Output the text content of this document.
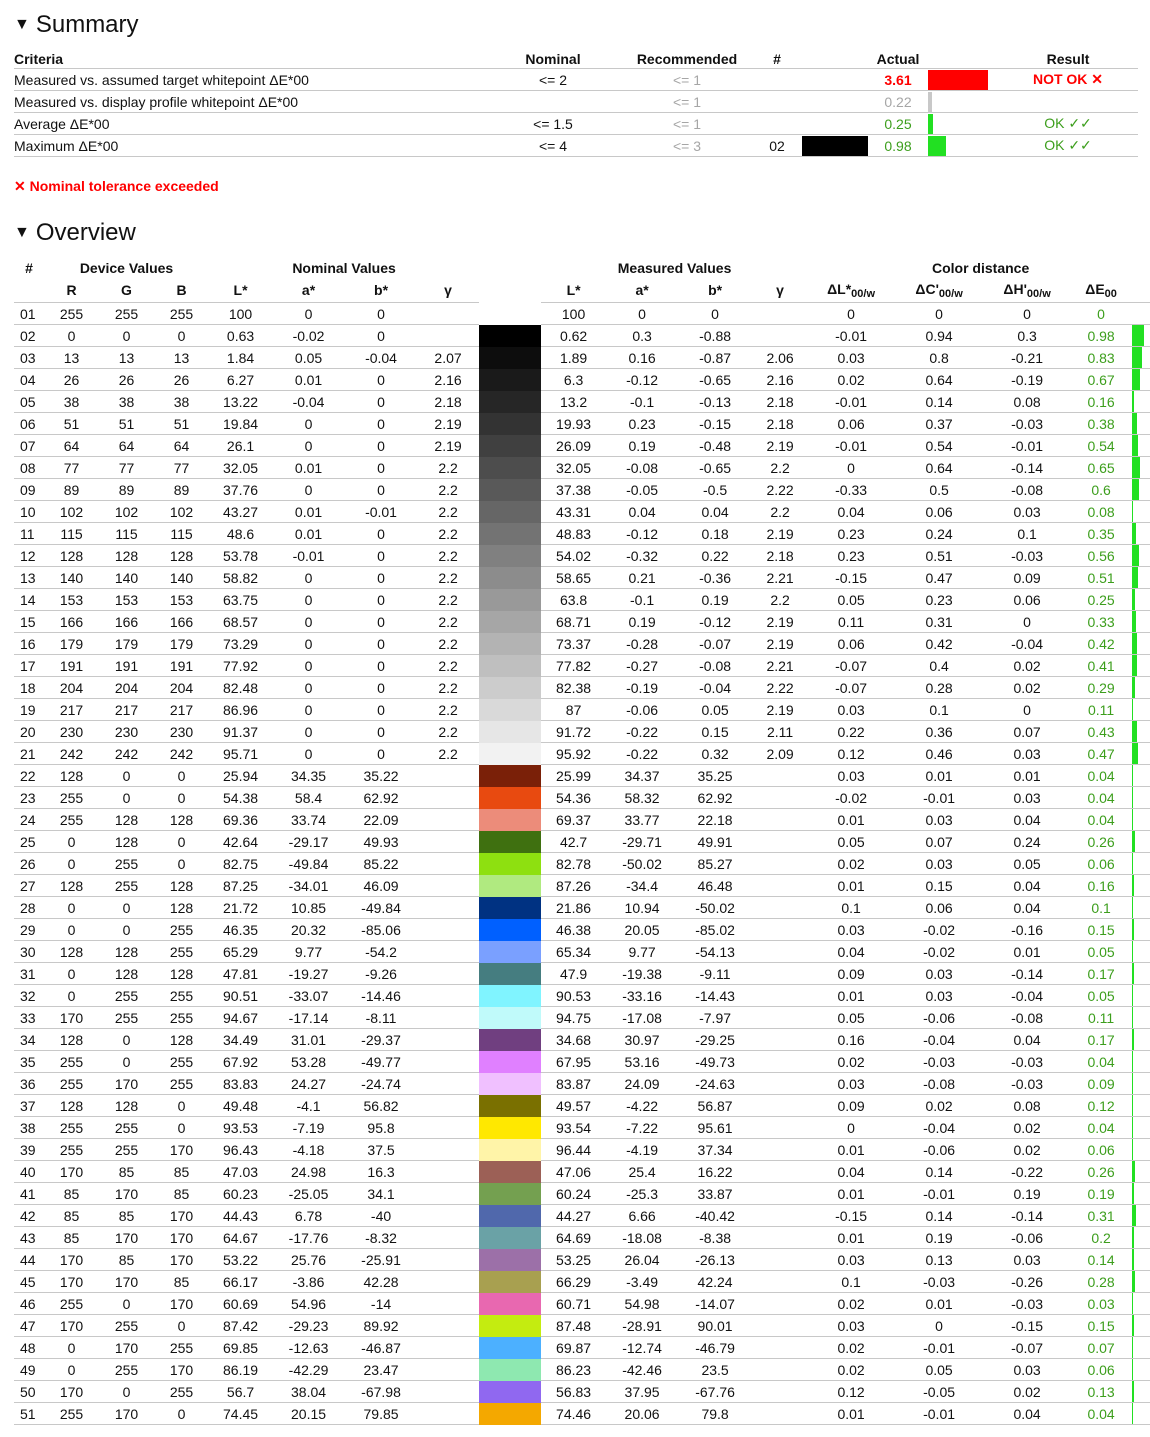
▼ Summary
Criteria	Nominal	Recommended	#		Actual		Result
Measured vs. assumed target whitepoint ΔE*00	<= 2	<= 1			3.61		NOT OK ✕
Measured vs. display profile whitepoint ΔE*00		<= 1			0.22	

Average ΔE*00	<= 1.5	<= 1			0.25		OK ✓✓
Maximum ΔE*00	<= 4	<= 3	02		0.98		OK ✓✓
✕ Nominal tolerance exceeded
▼ Overview
#	Device Values			Nominal Values					Measured Values				Color distance				
	R	G	B	L*	a*	b*	γ		L*	a*	b*	γ	$\Delta L*_{00/w}$	$\Delta C'_{00/w}$	$\Delta H'_{00/w}$	$\Delta E_{00}$	
01	255	255	255	100	0	0			100	0	0		0	0	0	0	

02	0	0	0	0.63	-0.02	0			0.62	0.3	-0.88		-0.01	0.94	0.3	0.98	

03	13	13	13	1.84	0.05	-0.04	2.07		1.89	0.16	-0.87	2.06	0.03	0.8	-0.21	0.83	

04	26	26	26	6.27	0.01	0	2.16		6.3	-0.12	-0.65	2.16	0.02	0.64	-0.19	0.67	

05	38	38	38	13.22	-0.04	0	2.18		13.2	-0.1	-0.13	2.18	-0.01	0.14	0.08	0.16	

06	51	51	51	19.84	0	0	2.19		19.93	0.23	-0.15	2.18	0.06	0.37	-0.03	0.38	

07	64	64	64	26.1	0	0	2.19		26.09	0.19	-0.48	2.19	-0.01	0.54	-0.01	0.54	

08	77	77	77	32.05	0.01	0	2.2		32.05	-0.08	-0.65	2.2	0	0.64	-0.14	0.65	

09	89	89	89	37.76	0	0	2.2		37.38	-0.05	-0.5	2.22	-0.33	0.5	-0.08	0.6	

10	102	102	102	43.27	0.01	-0.01	2.2		43.31	0.04	0.04	2.2	0.04	0.06	0.03	0.08	

11	115	115	115	48.6	0.01	0	2.2		48.83	-0.12	0.18	2.19	0.23	0.24	0.1	0.35	

12	128	128	128	53.78	-0.01	0	2.2		54.02	-0.32	0.22	2.18	0.23	0.51	-0.03	0.56	

13	140	140	140	58.82	0	0	2.2		58.65	0.21	-0.36	2.21	-0.15	0.47	0.09	0.51	

14	153	153	153	63.75	0	0	2.2		63.8	-0.1	0.19	2.2	0.05	0.23	0.06	0.25	

15	166	166	166	68.57	0	0	2.2		68.71	0.19	-0.12	2.19	0.11	0.31	0	0.33	

16	179	179	179	73.29	0	0	2.2		73.37	-0.28	-0.07	2.19	0.06	0.42	-0.04	0.42	

17	191	191	191	77.92	0	0	2.2		77.82	-0.27	-0.08	2.21	-0.07	0.4	0.02	0.41	

18	204	204	204	82.48	0	0	2.2		82.38	-0.19	-0.04	2.22	-0.07	0.28	0.02	0.29	

19	217	217	217	86.96	0	0	2.2		87	-0.06	0.05	2.19	0.03	0.1	0	0.11	

20	230	230	230	91.37	0	0	2.2		91.72	-0.22	0.15	2.11	0.22	0.36	0.07	0.43	

21	242	242	242	95.71	0	0	2.2		95.92	-0.22	0.32	2.09	0.12	0.46	0.03	0.47	

22	128	0	0	25.94	34.35	35.22			25.99	34.37	35.25		0.03	0.01	0.01	0.04	

23	255	0	0	54.38	58.4	62.92			54.36	58.32	62.92		-0.02	-0.01	0.03	0.04	

24	255	128	128	69.36	33.74	22.09			69.37	33.77	22.18		0.01	0.03	0.04	0.04	

25	0	128	0	42.64	-29.17	49.93			42.7	-29.71	49.91		0.05	0.07	0.24	0.26	

26	0	255	0	82.75	-49.84	85.22			82.78	-50.02	85.27		0.02	0.03	0.05	0.06	

27	128	255	128	87.25	-34.01	46.09			87.26	-34.4	46.48		0.01	0.15	0.04	0.16	

28	0	0	128	21.72	10.85	-49.84			21.86	10.94	-50.02		0.1	0.06	0.04	0.1	

29	0	0	255	46.35	20.32	-85.06			46.38	20.05	-85.02		0.03	-0.02	-0.16	0.15	

30	128	128	255	65.29	9.77	-54.2			65.34	9.77	-54.13		0.04	-0.02	0.01	0.05	

31	0	128	128	47.81	-19.27	-9.26			47.9	-19.38	-9.11		0.09	0.03	-0.14	0.17	

32	0	255	255	90.51	-33.07	-14.46			90.53	-33.16	-14.43		0.01	0.03	-0.04	0.05	

33	170	255	255	94.67	-17.14	-8.11			94.75	-17.08	-7.97		0.05	-0.06	-0.08	0.11	

34	128	0	128	34.49	31.01	-29.37			34.68	30.97	-29.25		0.16	-0.04	0.04	0.17	

35	255	0	255	67.92	53.28	-49.77			67.95	53.16	-49.73		0.02	-0.03	-0.03	0.04	

36	255	170	255	83.83	24.27	-24.74			83.87	24.09	-24.63		0.03	-0.08	-0.03	0.09	

37	128	128	0	49.48	-4.1	56.82			49.57	-4.22	56.87		0.09	0.02	0.08	0.12	

38	255	255	0	93.53	-7.19	95.8			93.54	-7.22	95.61		0	-0.04	0.02	0.04	

39	255	255	170	96.43	-4.18	37.5			96.44	-4.19	37.34		0.01	-0.06	0.02	0.06	

40	170	85	85	47.03	24.98	16.3			47.06	25.4	16.22		0.04	0.14	-0.22	0.26	

41	85	170	85	60.23	-25.05	34.1			60.24	-25.3	33.87		0.01	-0.01	0.19	0.19	

42	85	85	170	44.43	6.78	-40			44.27	6.66	-40.42		-0.15	0.14	-0.14	0.31	

43	85	170	170	64.67	-17.76	-8.32			64.69	-18.08	-8.38		0.01	0.19	-0.06	0.2	

44	170	85	170	53.22	25.76	-25.91			53.25	26.04	-26.13		0.03	0.13	0.03	0.14	

45	170	170	85	66.17	-3.86	42.28			66.29	-3.49	42.24		0.1	-0.03	-0.26	0.28	

46	255	0	170	60.69	54.96	-14			60.71	54.98	-14.07		0.02	0.01	-0.03	0.03	

47	170	255	0	87.42	-29.23	89.92			87.48	-28.91	90.01		0.03	0	-0.15	0.15	

48	0	170	255	69.85	-12.63	-46.87			69.87	-12.74	-46.79		0.02	-0.01	-0.07	0.07	

49	0	255	170	86.19	-42.29	23.47			86.23	-42.46	23.5		0.02	0.05	0.03	0.06	

50	170	0	255	56.7	38.04	-67.98			56.83	37.95	-67.76		0.12	-0.05	0.02	0.13	

51	255	170	0	74.45	20.15	79.85			74.46	20.06	79.8		0.01	-0.01	0.04	0.04	
